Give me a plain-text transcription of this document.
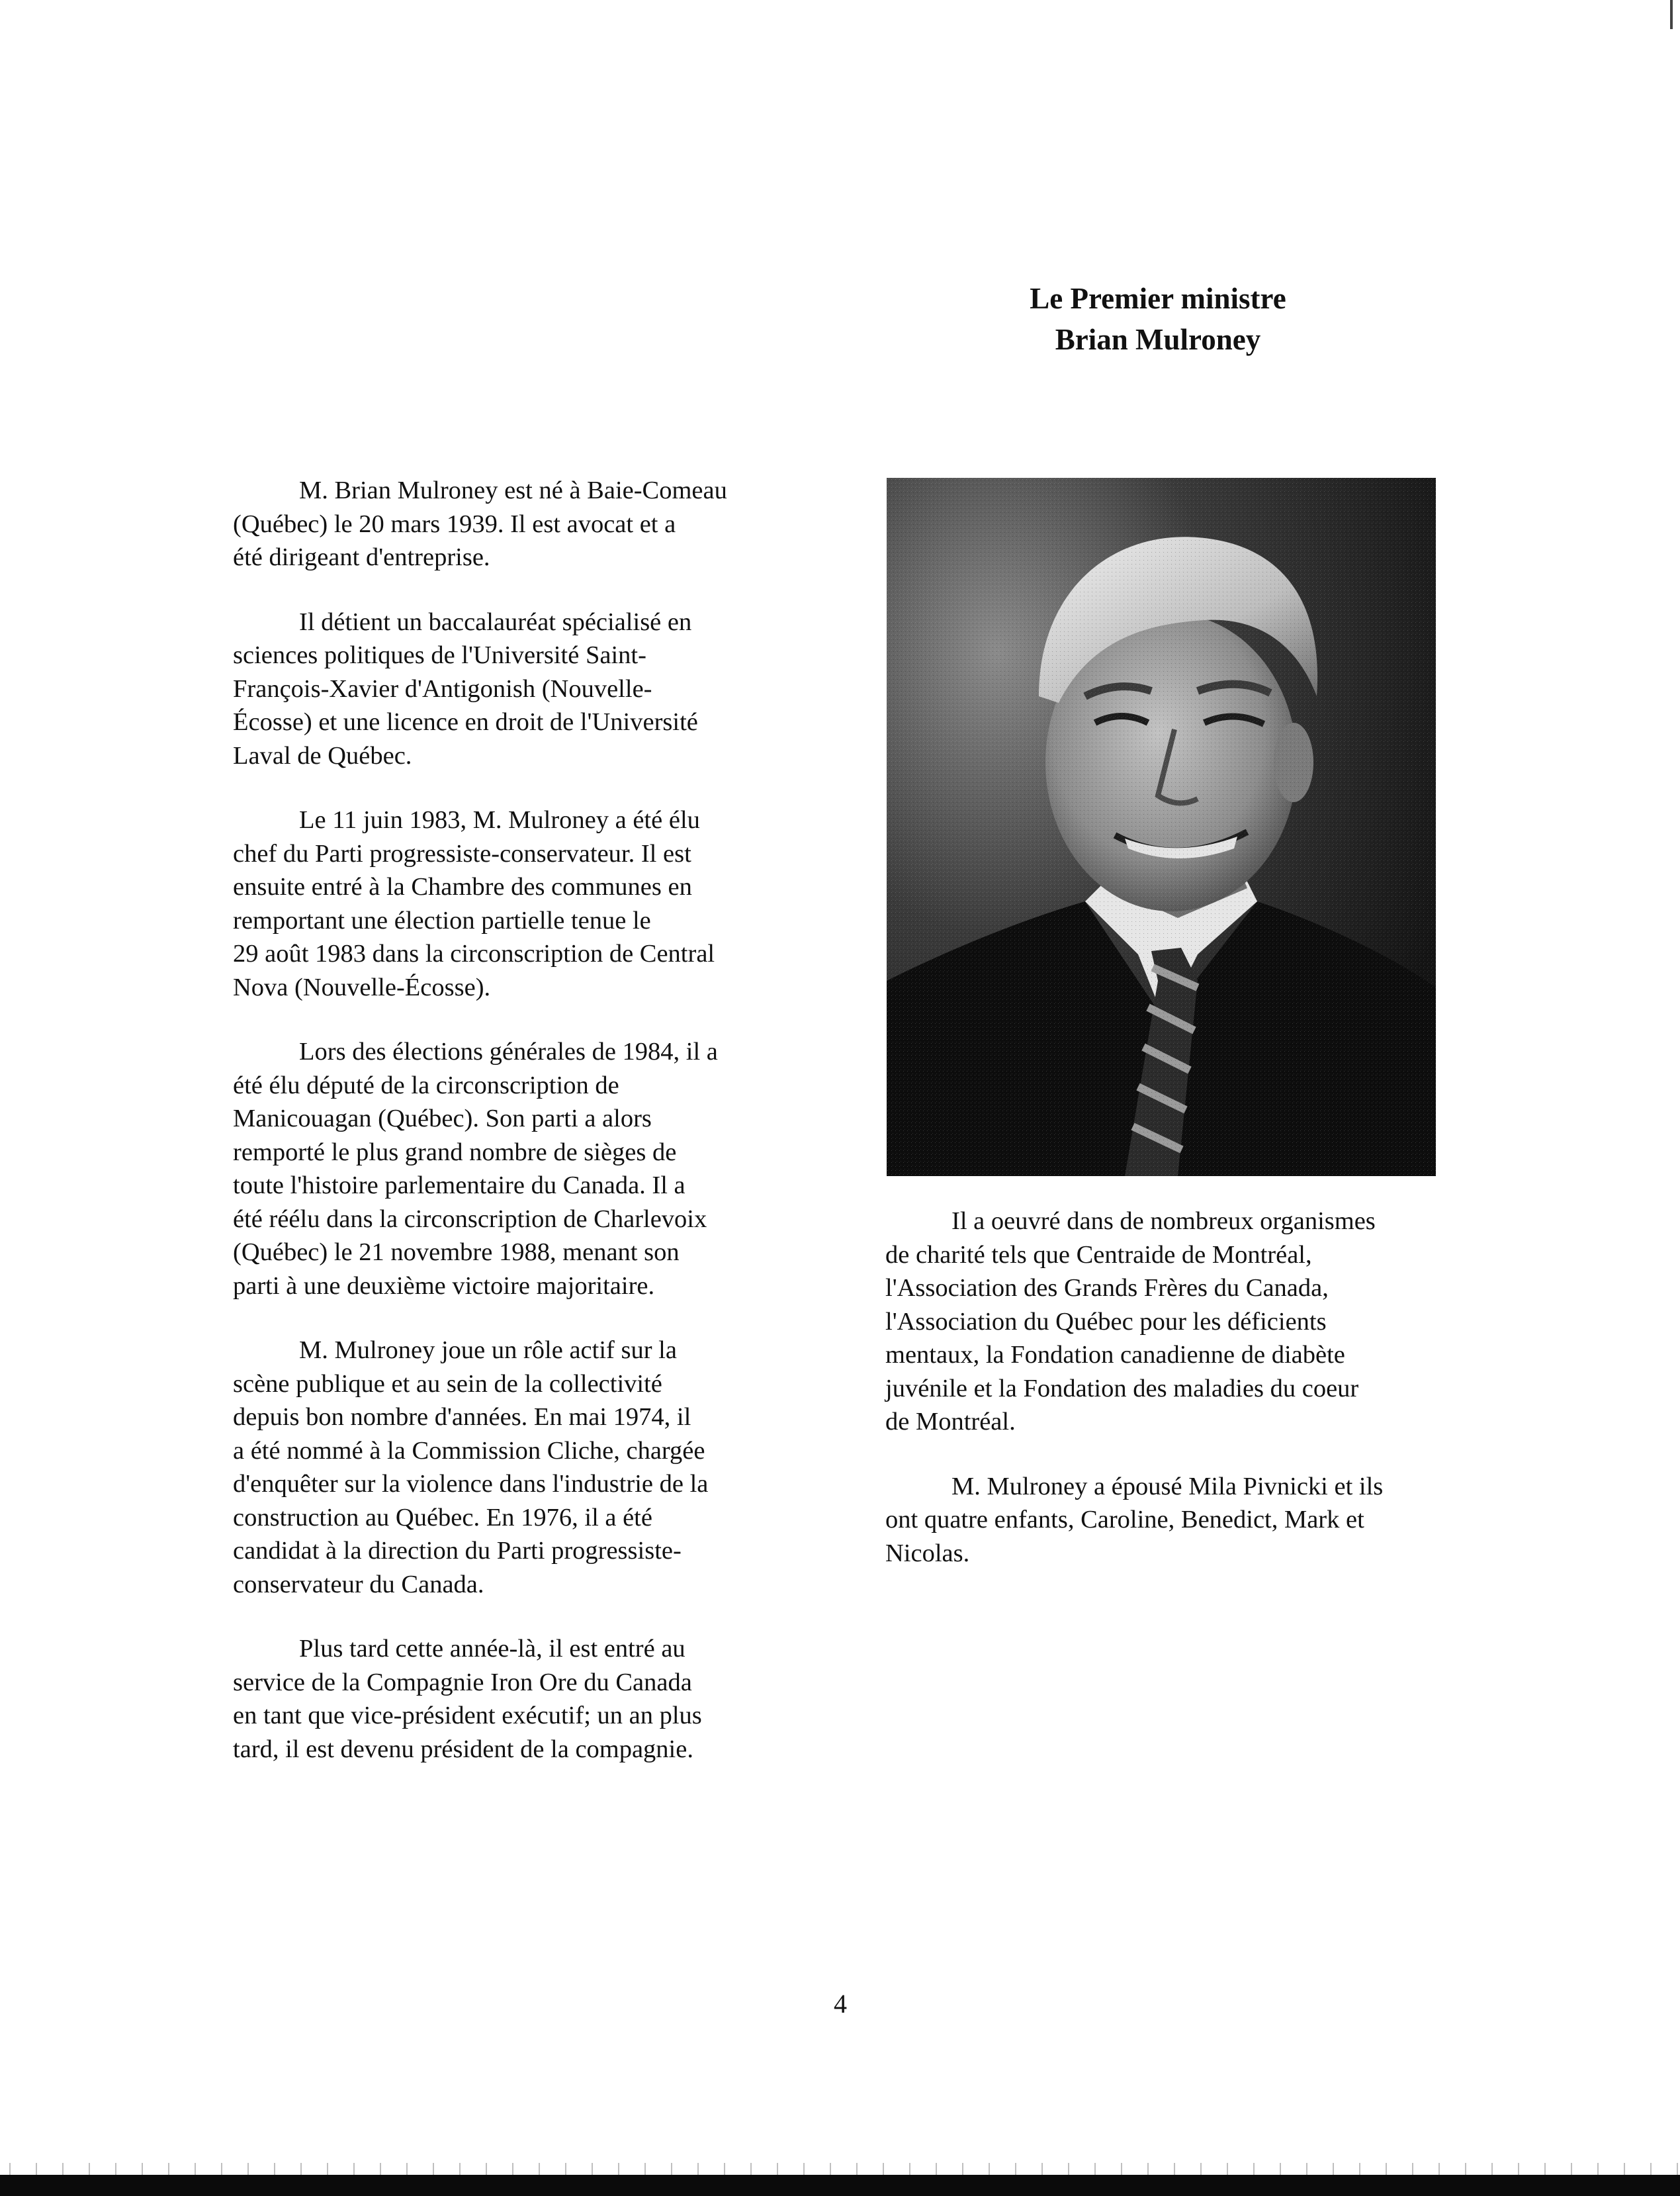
Le Premier ministre
Brian Mulroney
M. Brian Mulroney est né à Baie-Comeau
(Québec) le 20 mars 1939. Il est avocat et a
été dirigeant d'entreprise.
Il détient un baccalauréat spécialisé en
sciences politiques de l'Université Saint-
François-Xavier d'Antigonish (Nouvelle-
Écosse) et une licence en droit de l'Université
Laval de Québec.
Le 11 juin 1983, M. Mulroney a été élu
chef du Parti progressiste-conservateur. Il est
ensuite entré à la Chambre des communes en
remportant une élection partielle tenue le
29 août 1983 dans la circonscription de Central
Nova (Nouvelle-Écosse).
Lors des élections générales de 1984, il a
été élu député de la circonscription de
Manicouagan (Québec). Son parti a alors
remporté le plus grand nombre de sièges de
toute l'histoire parlementaire du Canada. Il a
été réélu dans la circonscription de Charlevoix
(Québec) le 21 novembre 1988, menant son
parti à une deuxième victoire majoritaire.
M. Mulroney joue un rôle actif sur la
scène publique et au sein de la collectivité
depuis bon nombre d'années. En mai 1974, il
a été nommé à la Commission Cliche, chargée
d'enquêter sur la violence dans l'industrie de la
construction au Québec. En 1976, il a été
candidat à la direction du Parti progressiste-
conservateur du Canada.
Plus tard cette année-là, il est entré au
service de la Compagnie Iron Ore du Canada
en tant que vice-président exécutif; un an plus
tard, il est devenu président de la compagnie.
Il a oeuvré dans de nombreux organismes
de charité tels que Centraide de Montréal,
l'Association des Grands Frères du Canada,
l'Association du Québec pour les déficients
mentaux, la Fondation canadienne de diabète
juvénile et la Fondation des maladies du coeur
de Montréal.
M. Mulroney a épousé Mila Pivnicki et ils
ont quatre enfants, Caroline, Benedict, Mark et
Nicolas.
4
